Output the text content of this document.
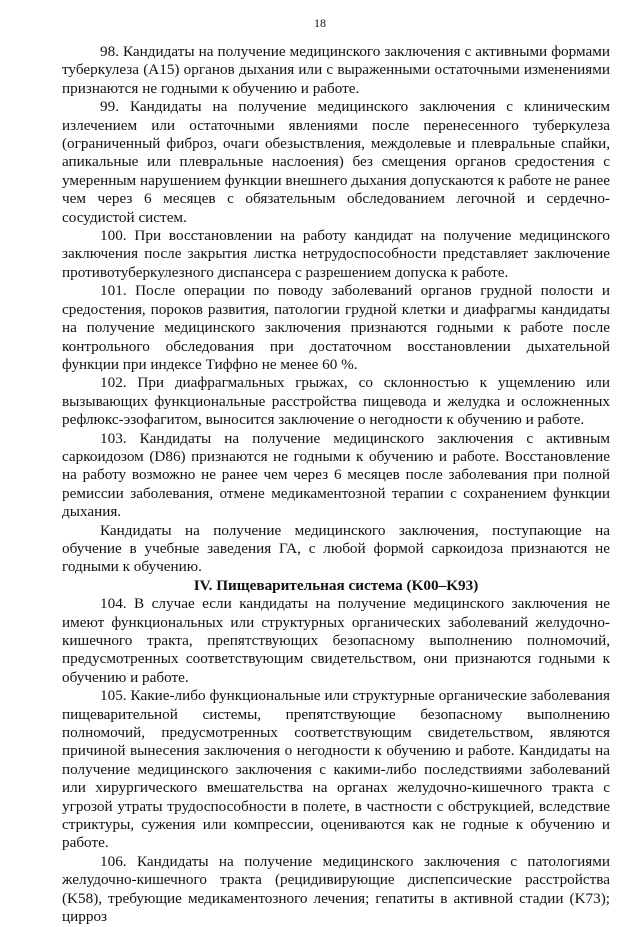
18

98. Кандидаты на получение медицинского заключения с активными формами туберкулеза (A15) органов дыхания или с выраженными остаточными изменениями признаются не годными к обучению и работе.

99. Кандидаты на получение медицинского заключения с клиническим излечением или остаточными явлениями после перенесенного туберкулеза (ограниченный фиброз, очаги обезыствления, междолевые и плевральные спайки, апикальные или плевральные наслоения) без смещения органов средостения с умеренным нарушением функции внешнего дыхания допускаются к работе не ранее чем через 6 месяцев с обязательным обследованием легочной и сердечно-сосудистой систем.

100. При восстановлении на работу кандидат на получение медицинского заключения после закрытия листка нетрудоспособности представляет заключение противотуберкулезного диспансера с разрешением допуска к работе.

101. После операции по поводу заболеваний органов грудной полости и средостения, пороков развития, патологии грудной клетки и диафрагмы кандидаты на получение медицинского заключения признаются годными к работе после контрольного обследования при достаточном восстановлении дыхательной функции при индексе Тиффно не менее 60 %.

102. При диафрагмальных грыжах, со склонностью к ущемлению или вызывающих функциональные расстройства пищевода и желудка и осложненных рефлюкс-эзофагитом, выносится заключение о негодности к обучению и работе.

103. Кандидаты на получение медицинского заключения с активным саркоидозом (D86) признаются не годными к обучению и работе. Восстановление на работу возможно не ранее чем через 6 месяцев после заболевания при полной ремиссии заболевания, отмене медикаментозной терапии с сохранением функции дыхания.

Кандидаты на получение медицинского заключения, поступающие на обучение в учебные заведения ГА, с любой формой саркоидоза признаются не годными к обучению.

IV. Пищеварительная система (K00–K93)

104. В случае если кандидаты на получение медицинского заключения не имеют функциональных или структурных органических заболеваний желудочно-кишечного тракта, препятствующих безопасному выполнению полномочий, предусмотренных соответствующим свидетельством, они признаются годными к обучению и работе.

105. Какие-либо функциональные или структурные органические заболевания пищеварительной системы, препятствующие безопасному выполнению полномочий, предусмотренных соответствующим свидетельством, являются причиной вынесения заключения о негодности к обучению и работе. Кандидаты на получение медицинского заключения с какими-либо последствиями заболеваний или хирургического вмешательства на органах желудочно-кишечного тракта с угрозой утраты трудоспособности в полете, в частности с обструкцией, вследствие стриктуры, сужения или компрессии, оцениваются как не годные к обучению и работе.

106. Кандидаты на получение медицинского заключения с патологиями желудочно-кишечного тракта (рецидивирующие диспепсические расстройства (K58), требующие медикаментозного лечения; гепатиты в активной стадии (K73); цирроз
